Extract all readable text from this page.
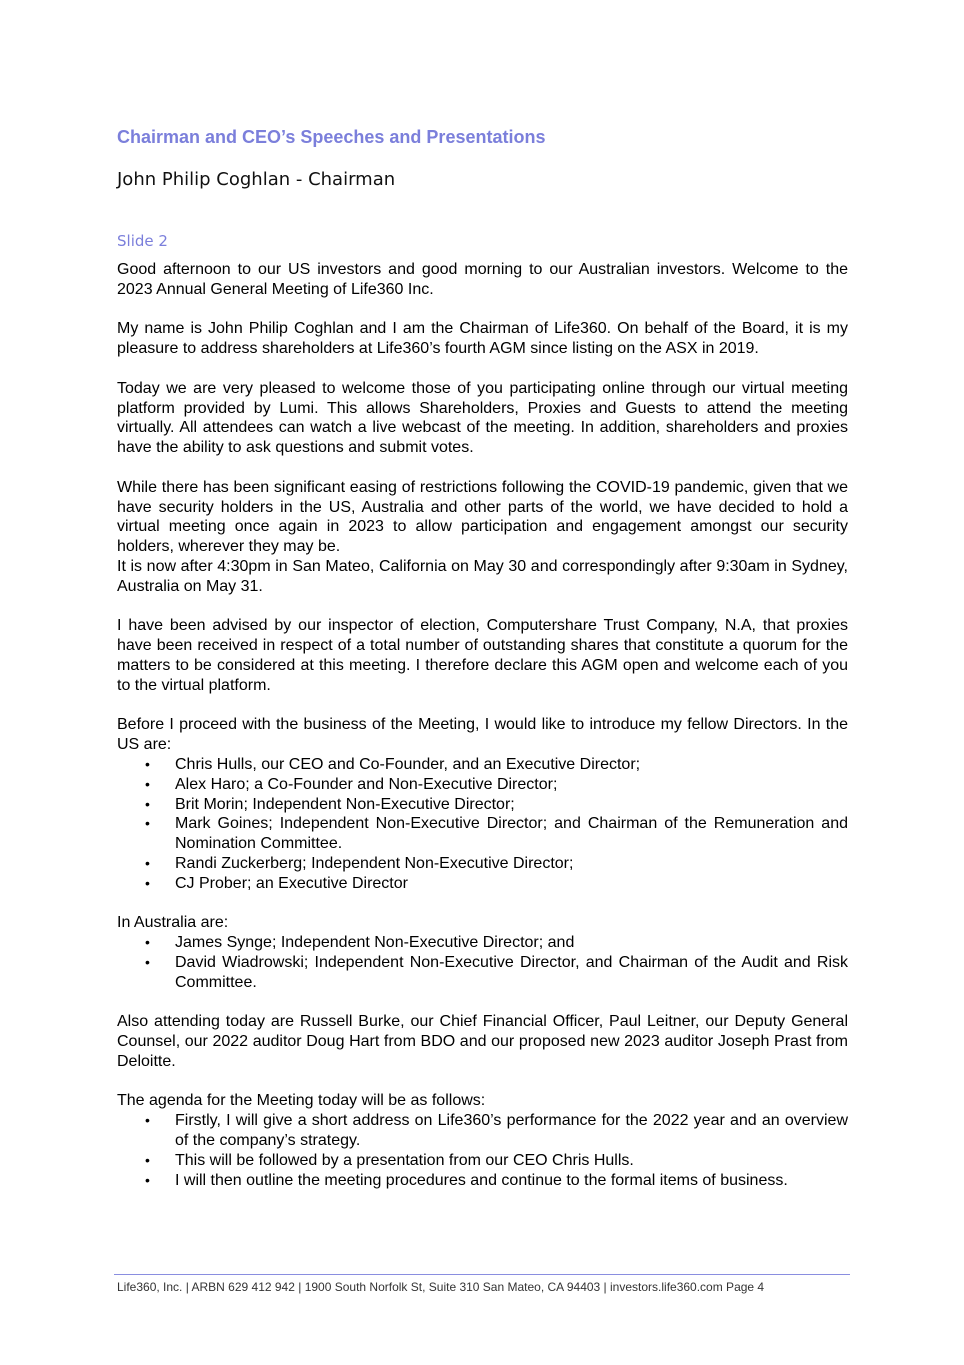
Chairman and CEO’s Speeches and Presentations
John Philip Coghlan - Chairman
Slide 2

Good afternoon to our US investors and good morning to our Australian investors. Welcome to the 2023 Annual General Meeting of Life360 Inc.

My name is John Philip Coghlan and I am the Chairman of Life360. On behalf of the Board, it is my pleasure to address shareholders at Life360’s fourth AGM since listing on the ASX in 2019.

Today we are very pleased to welcome those of you participating online through our virtual meeting platform provided by Lumi. This allows Shareholders, Proxies and Guests to attend the meeting virtually. All attendees can watch a live webcast of the meeting. In addition, shareholders and proxies have the ability to ask questions and submit votes.

While there has been significant easing of restrictions following the COVID-19 pandemic, given that we have security holders in the US, Australia and other parts of the world, we have decided to hold a virtual meeting once again in 2023 to allow participation and engagement amongst our security holders, wherever they may be.

It is now after 4:30pm in San Mateo, California on May 30 and correspondingly after 9:30am in Sydney, Australia on May 31.

I have been advised by our inspector of election, Computershare Trust Company, N.A, that proxies have been received in respect of a total number of outstanding shares that constitute a quorum for the matters to be considered at this meeting. I therefore declare this AGM open and welcome each of you to the virtual platform.

Before I proceed with the business of the Meeting, I would like to introduce my fellow Directors. In the US are:

• Chris Hulls, our CEO and Co-Founder, and an Executive Director;
• Alex Haro; a Co-Founder and Non-Executive Director;
• Brit Morin; Independent Non-Executive Director;
• Mark Goines; Independent Non-Executive Director; and Chairman of the Remuneration and Nomination Committee.
• Randi Zuckerberg; Independent Non-Executive Director;
• CJ Prober; an Executive Director

In Australia are:

• James Synge; Independent Non-Executive Director; and
• David Wiadrowski; Independent Non-Executive Director, and Chairman of the Audit and Risk Committee.

Also attending today are Russell Burke, our Chief Financial Officer, Paul Leitner, our Deputy General Counsel, our 2022 auditor Doug Hart from BDO and our proposed new 2023 auditor Joseph Prast from Deloitte.

The agenda for the Meeting today will be as follows:

• Firstly, I will give a short address on Life360’s performance for the 2022 year and an overview of the company’s strategy.
• This will be followed by a presentation from our CEO Chris Hulls.
• I will then outline the meeting procedures and continue to the formal items of business.
Life360, Inc. | ARBN 629 412 942 | 1900 South Norfolk St, Suite 310 San Mateo, CA 94403 | investors.life360.com Page 4
